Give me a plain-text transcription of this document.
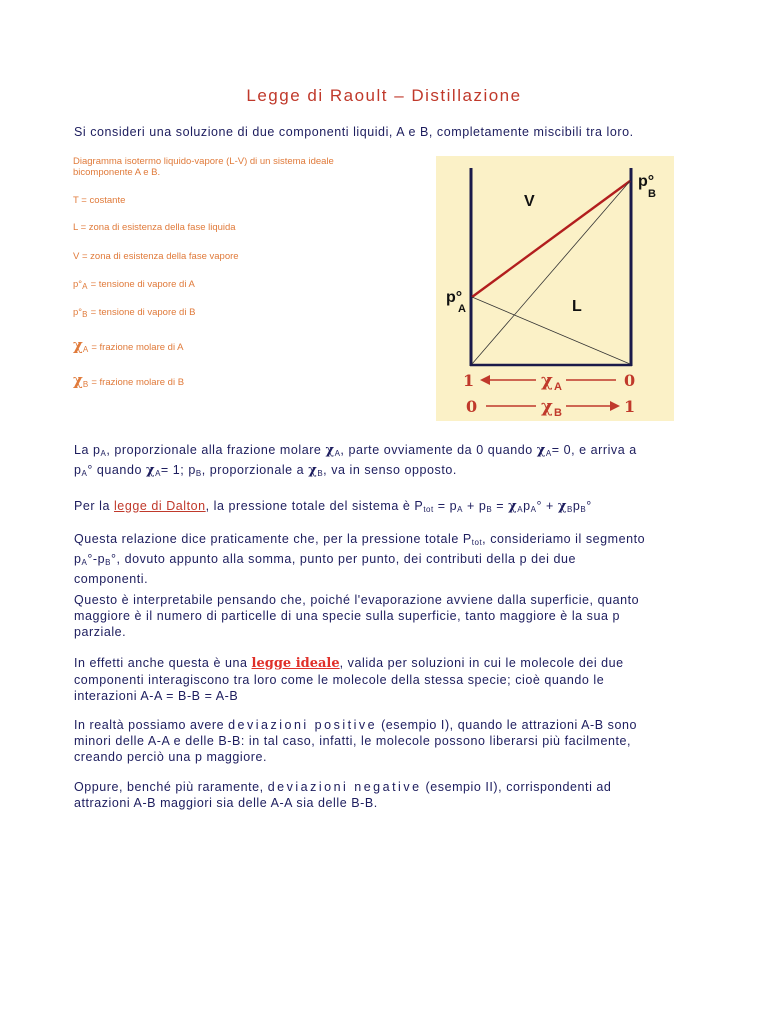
Legge di Raoult – Distillazione
Si consideri una soluzione di due componenti liquidi, A e B, completamente miscibili tra loro.
Diagramma isotermo liquido-vapore (L-V) di un sistema ideale bicomponente A e B.
T = costante
L = zona di esistenza della fase liquida
V = zona di esistenza della fase vapore
$p^\circ_A$ = tensione di vapore di A
$p^\circ_B$ = tensione di vapore di B
$\chi_A$ = frazione molare di A
$\chi_B$ = frazione molare di B
V
L
p°
B
p°
A
1	χ A	0
0	χ B	1
La $p_A$, proporzionale alla frazione molare $\chi_A$, parte ovviamente da 0 quando $\chi_A= 0$, e arriva a
$p_A^\circ$ quando $\chi_A= 1$; $p_B$, proporzionale a $\chi_B$, va in senso opposto.
Per la legge di Dalton, la pressione totale del sistema è $P_{tot} = p_A + p_B = \chi_Ap_A^\circ + \chi_Bp_B^\circ$
Questa relazione dice praticamente che, per la pressione totale $P_{tot}$, consideriamo il segmento
$p_A^\circ-p_B^\circ$, dovuto appunto alla somma, punto per punto, dei contributi della p dei due
componenti.
Questo è interpretabile pensando che, poiché l'evaporazione avviene dalla superficie, quanto
maggiore è il numero di particelle di una specie sulla superficie, tanto maggiore è la sua p
parziale.
In effetti anche questa è una legge ideale, valida per soluzioni in cui le molecole dei due
componenti interagiscono tra loro come le molecole della stessa specie; cioè quando le
interazioni A-A = B-B = A-B
In realtà possiamo avere deviazioni positive (esempio I), quando le attrazioni A-B sono
minori delle A-A e delle B-B: in tal caso, infatti, le molecole possono liberarsi più facilmente,
creando perciò una p maggiore.
Oppure, benché più raramente, deviazioni negative (esempio II), corrispondenti ad
attrazioni A-B maggiori sia delle A-A sia delle B-B.
